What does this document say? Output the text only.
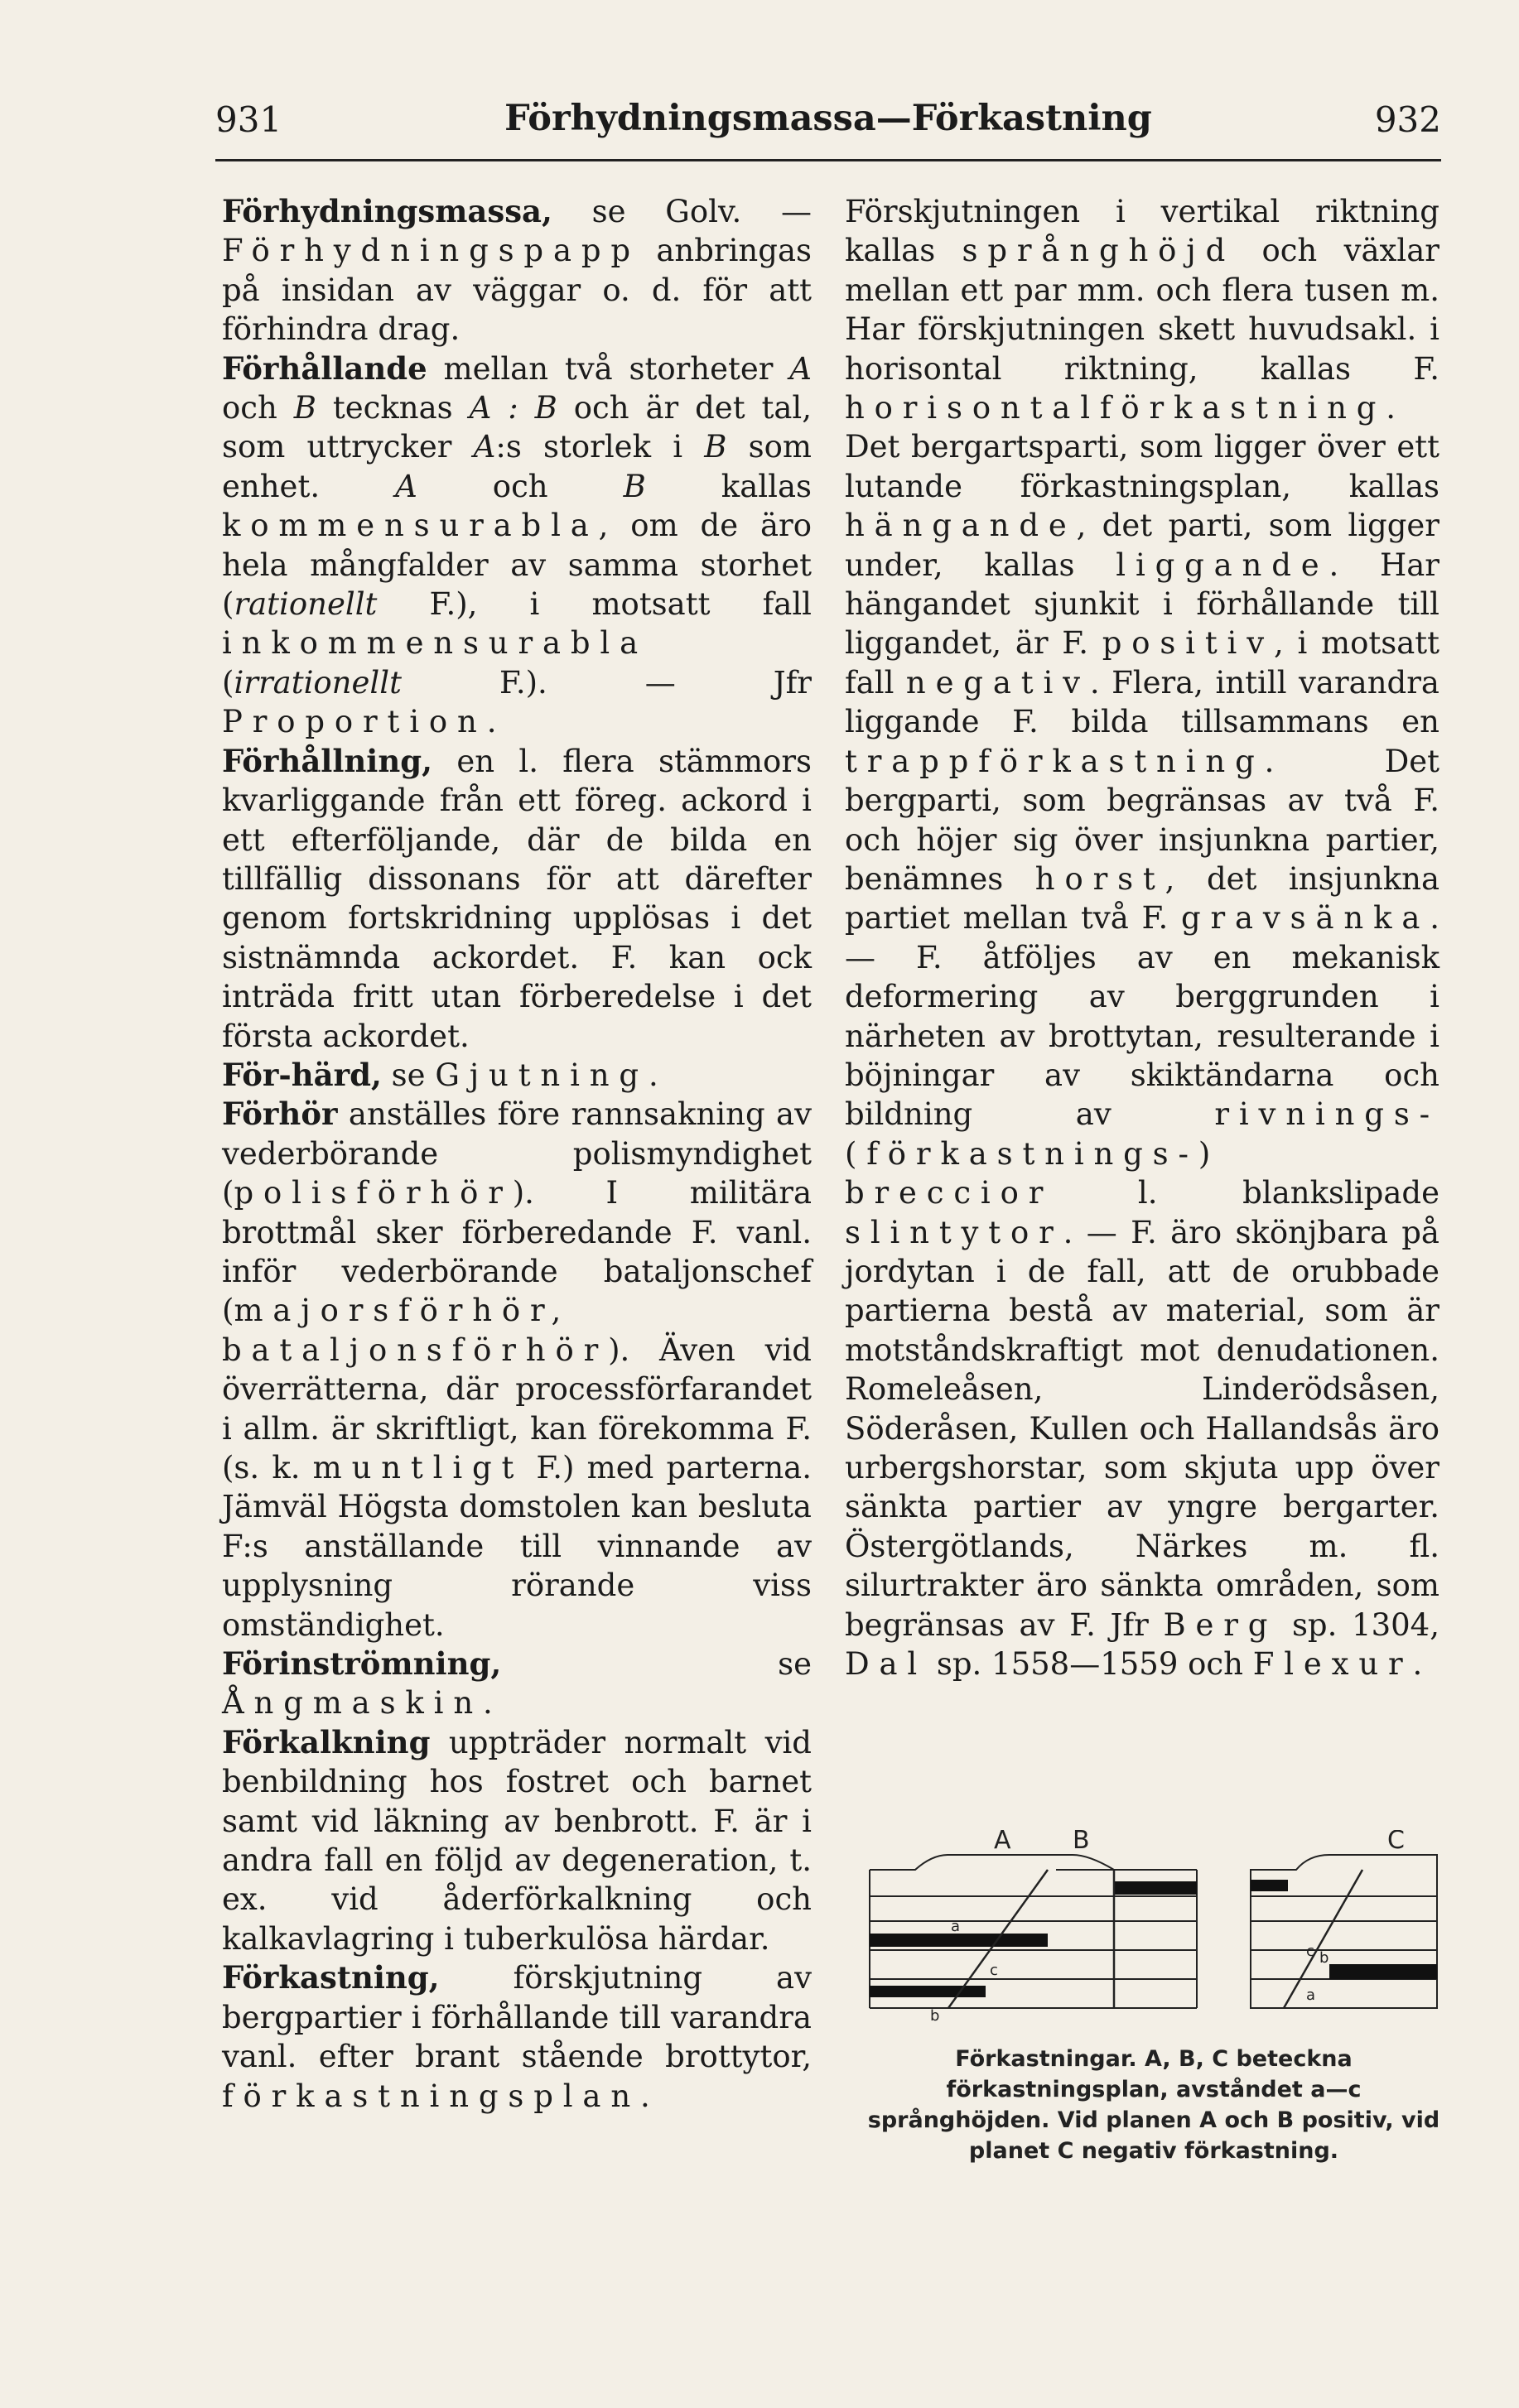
931	Förhydningsmassa—Förkastning	932

Förhydningsmassa, se Golv. — Förhydningspapp anbringas på insidan av väggar o. d. för att förhindra drag.

Förhållande mellan två storheter A och B tecknas A : B och är det tal, som uttrycker A:s storlek i B som enhet. A och B kallas kommensurabla, om de äro hela mångfalder av samma storhet (rationellt F.), i motsatt fall inkommensurabla (irrationellt F.). — Jfr Proportion.

Förhållning, en l. flera stämmors kvarliggande från ett föreg. ackord i ett efterföljande, där de bilda en tillfällig dissonans för att därefter genom fortskridning upplösas i det sistnämnda ackordet. F. kan ock inträda fritt utan förberedelse i det första ackordet.

För-härd, se Gjutning.

Förhör anställes före rannsakning av vederbörande polismyndighet (polisförhör). I militära brottmål sker förberedande F. vanl. inför vederbörande bataljonschef (majorsförhör, bataljonsförhör). Även vid överrätterna, där processförfarandet i allm. är skriftligt, kan förekomma F. (s. k. muntligt F.) med parterna. Jämväl Högsta domstolen kan besluta F:s anställande till vinnande av upplysning rörande viss omständighet.

Förinströmning, se Ångmaskin.

Förkalkning uppträder normalt vid benbildning hos fostret och barnet samt vid läkning av benbrott. F. är i andra fall en följd av degeneration, t. ex. vid åderförkalkning och kalkavlagring i tuberkulösa härdar.

Förkastning, förskjutning av bergpartier i förhållande till varandra vanl. efter brant stående brottytor, förkastningsplan.

Förskjutningen i vertikal riktning kallas språnghöjd och växlar mellan ett par mm. och flera tusen m. Har förskjutningen skett huvudsakl. i horisontal riktning, kallas F. horisontalförkastning. Det bergartsparti, som ligger över ett lutande förkastningsplan, kallas hängande, det parti, som ligger under, kallas liggande. Har hängandet sjunkit i förhållande till liggandet, är F. positiv, i motsatt fall negativ. Flera, intill varandra liggande F. bilda tillsammans en trappförkastning. Det bergparti, som begränsas av två F. och höjer sig över insjunkna partier, benämnes horst, det insjunkna partiet mellan två F. gravsänka. — F. åtföljes av en mekanisk deformering av berggrunden i närheten av brottytan, resulterande i böjningar av skiktändarna och bildning av rivnings- (förkastnings-) breccior l. blankslipade slintytor. — F. äro skönjbara på jordytan i de fall, att de orubbade partierna bestå av material, som är motståndskraftigt mot denudationen. Romeleåsen, Linderödsåsen, Söderåsen, Kullen och Hallandsås äro urbergshorstar, som skjuta upp över sänkta partier av yngre bergarter. Östergötlands, Närkes m. fl. silurtrakter äro sänkta områden, som begränsas av F. Jfr Berg sp. 1304, Dal sp. 1558—1559 och Flexur.

A B	C
a
c
b
c b
a
Förkastningar. A, B, C beteckna förkastningsplan, avståndet a—c språnghöjden. Vid planen A och B positiv, vid planet C negativ förkastning.
